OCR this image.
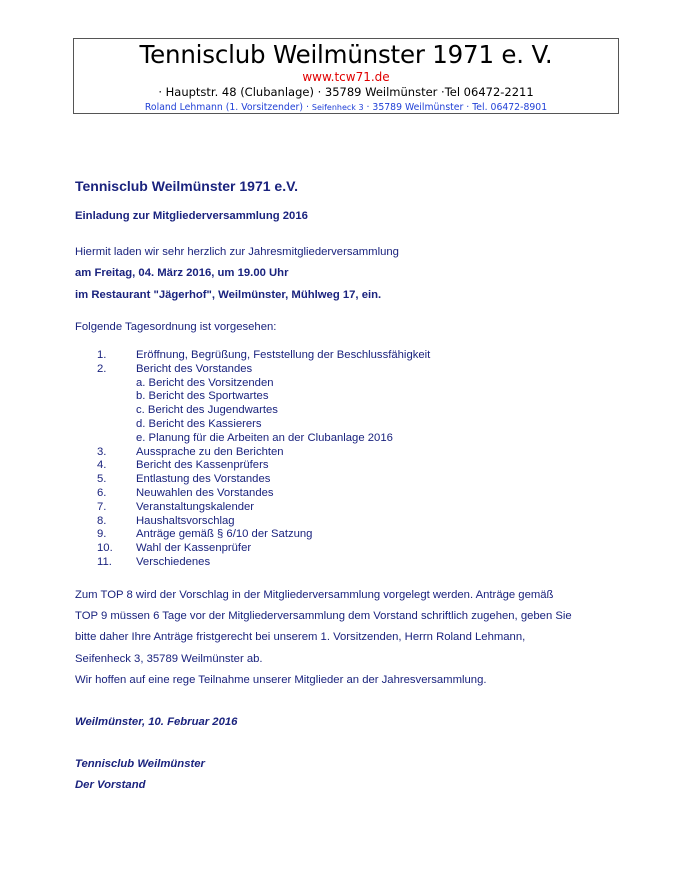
Tennisclub Weilmünster 1971 e. V.
www.tcw71.de
· Hauptstr. 48 (Clubanlage) · 35789 Weilmünster ·Tel 06472-2211
Roland Lehmann (1. Vorsitzender) · Seifenheck 3 · 35789 Weilmünster · Tel. 06472-8901
Tennisclub Weilmünster 1971 e.V.
Einladung zur Mitgliederversammlung 2016
Hiermit laden wir sehr herzlich zur Jahresmitgliederversammlung
am Freitag, 04. März 2016, um 19.00 Uhr
im Restaurant "Jägerhof", Weilmünster, Mühlweg 17, ein.
Folgende Tagesordnung ist vorgesehen:
1.	Eröffnung, Begrüßung, Feststellung der Beschlussfähigkeit
2.	Bericht des Vorstandes
a. Bericht des Vorsitzenden
b. Bericht des Sportwartes
c. Bericht des Jugendwartes
d. Bericht des Kassierers
e. Planung für die Arbeiten an der Clubanlage 2016
3.	Aussprache zu den Berichten
4.	Bericht des Kassenprüfers
5.	Entlastung des Vorstandes
6.	Neuwahlen des Vorstandes
7.	Veranstaltungskalender
8.	Haushaltsvorschlag
9.	Anträge gemäß § 6/10 der Satzung
10. Wahl der Kassenprüfer
11. Verschiedenes
Zum TOP 8 wird der Vorschlag in der Mitgliederversammlung vorgelegt werden. Anträge gemäß
TOP 9 müssen 6 Tage vor der Mitgliederversammlung dem Vorstand schriftlich zugehen, geben Sie
bitte daher Ihre Anträge fristgerecht bei unserem 1. Vorsitzenden, Herrn Roland Lehmann,
Seifenheck 3, 35789 Weilmünster ab.
Wir hoffen auf eine rege Teilnahme unserer Mitglieder an der Jahresversammlung.
Weilmünster, 10. Februar 2016
Tennisclub Weilmünster
Der Vorstand
